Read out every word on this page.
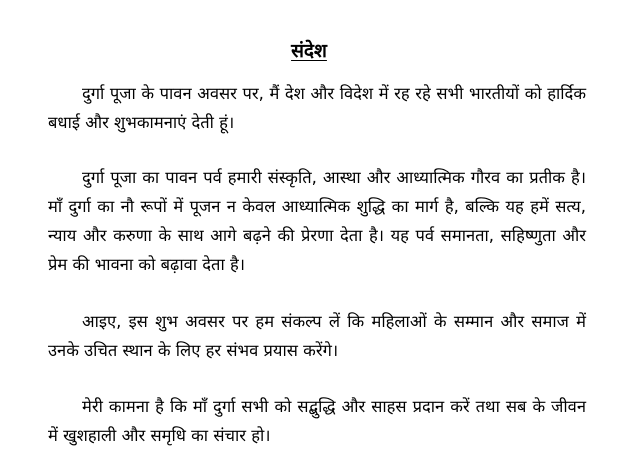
संदेश

दुर्गा पूजा के पावन अवसर पर, मैं देश और विदेश में रह रहे सभी भारतीयों को हार्दिक बधाई और शुभकामनाएं देती हूं।

दुर्गा पूजा का पावन पर्व हमारी संस्कृति, आस्था और आध्यात्मिक गौरव का प्रतीक है। माँ दुर्गा का नौ रूपों में पूजन न केवल आध्यात्मिक शुद्धि का मार्ग है, बल्कि यह हमें सत्य, न्याय और करुणा के साथ आगे बढ़ने की प्रेरणा देता है। यह पर्व समानता, सहिष्णुता और प्रेम की भावना को बढ़ावा देता है।

आइए, इस शुभ अवसर पर हम संकल्प लें कि महिलाओं के सम्मान और समाज में उनके उचित स्थान के लिए हर संभव प्रयास करेंगे।

मेरी कामना है कि माँ दुर्गा सभी को सद्बुद्धि और साहस प्रदान करें तथा सब के जीवन में खुशहाली और समृधि का संचार हो।
